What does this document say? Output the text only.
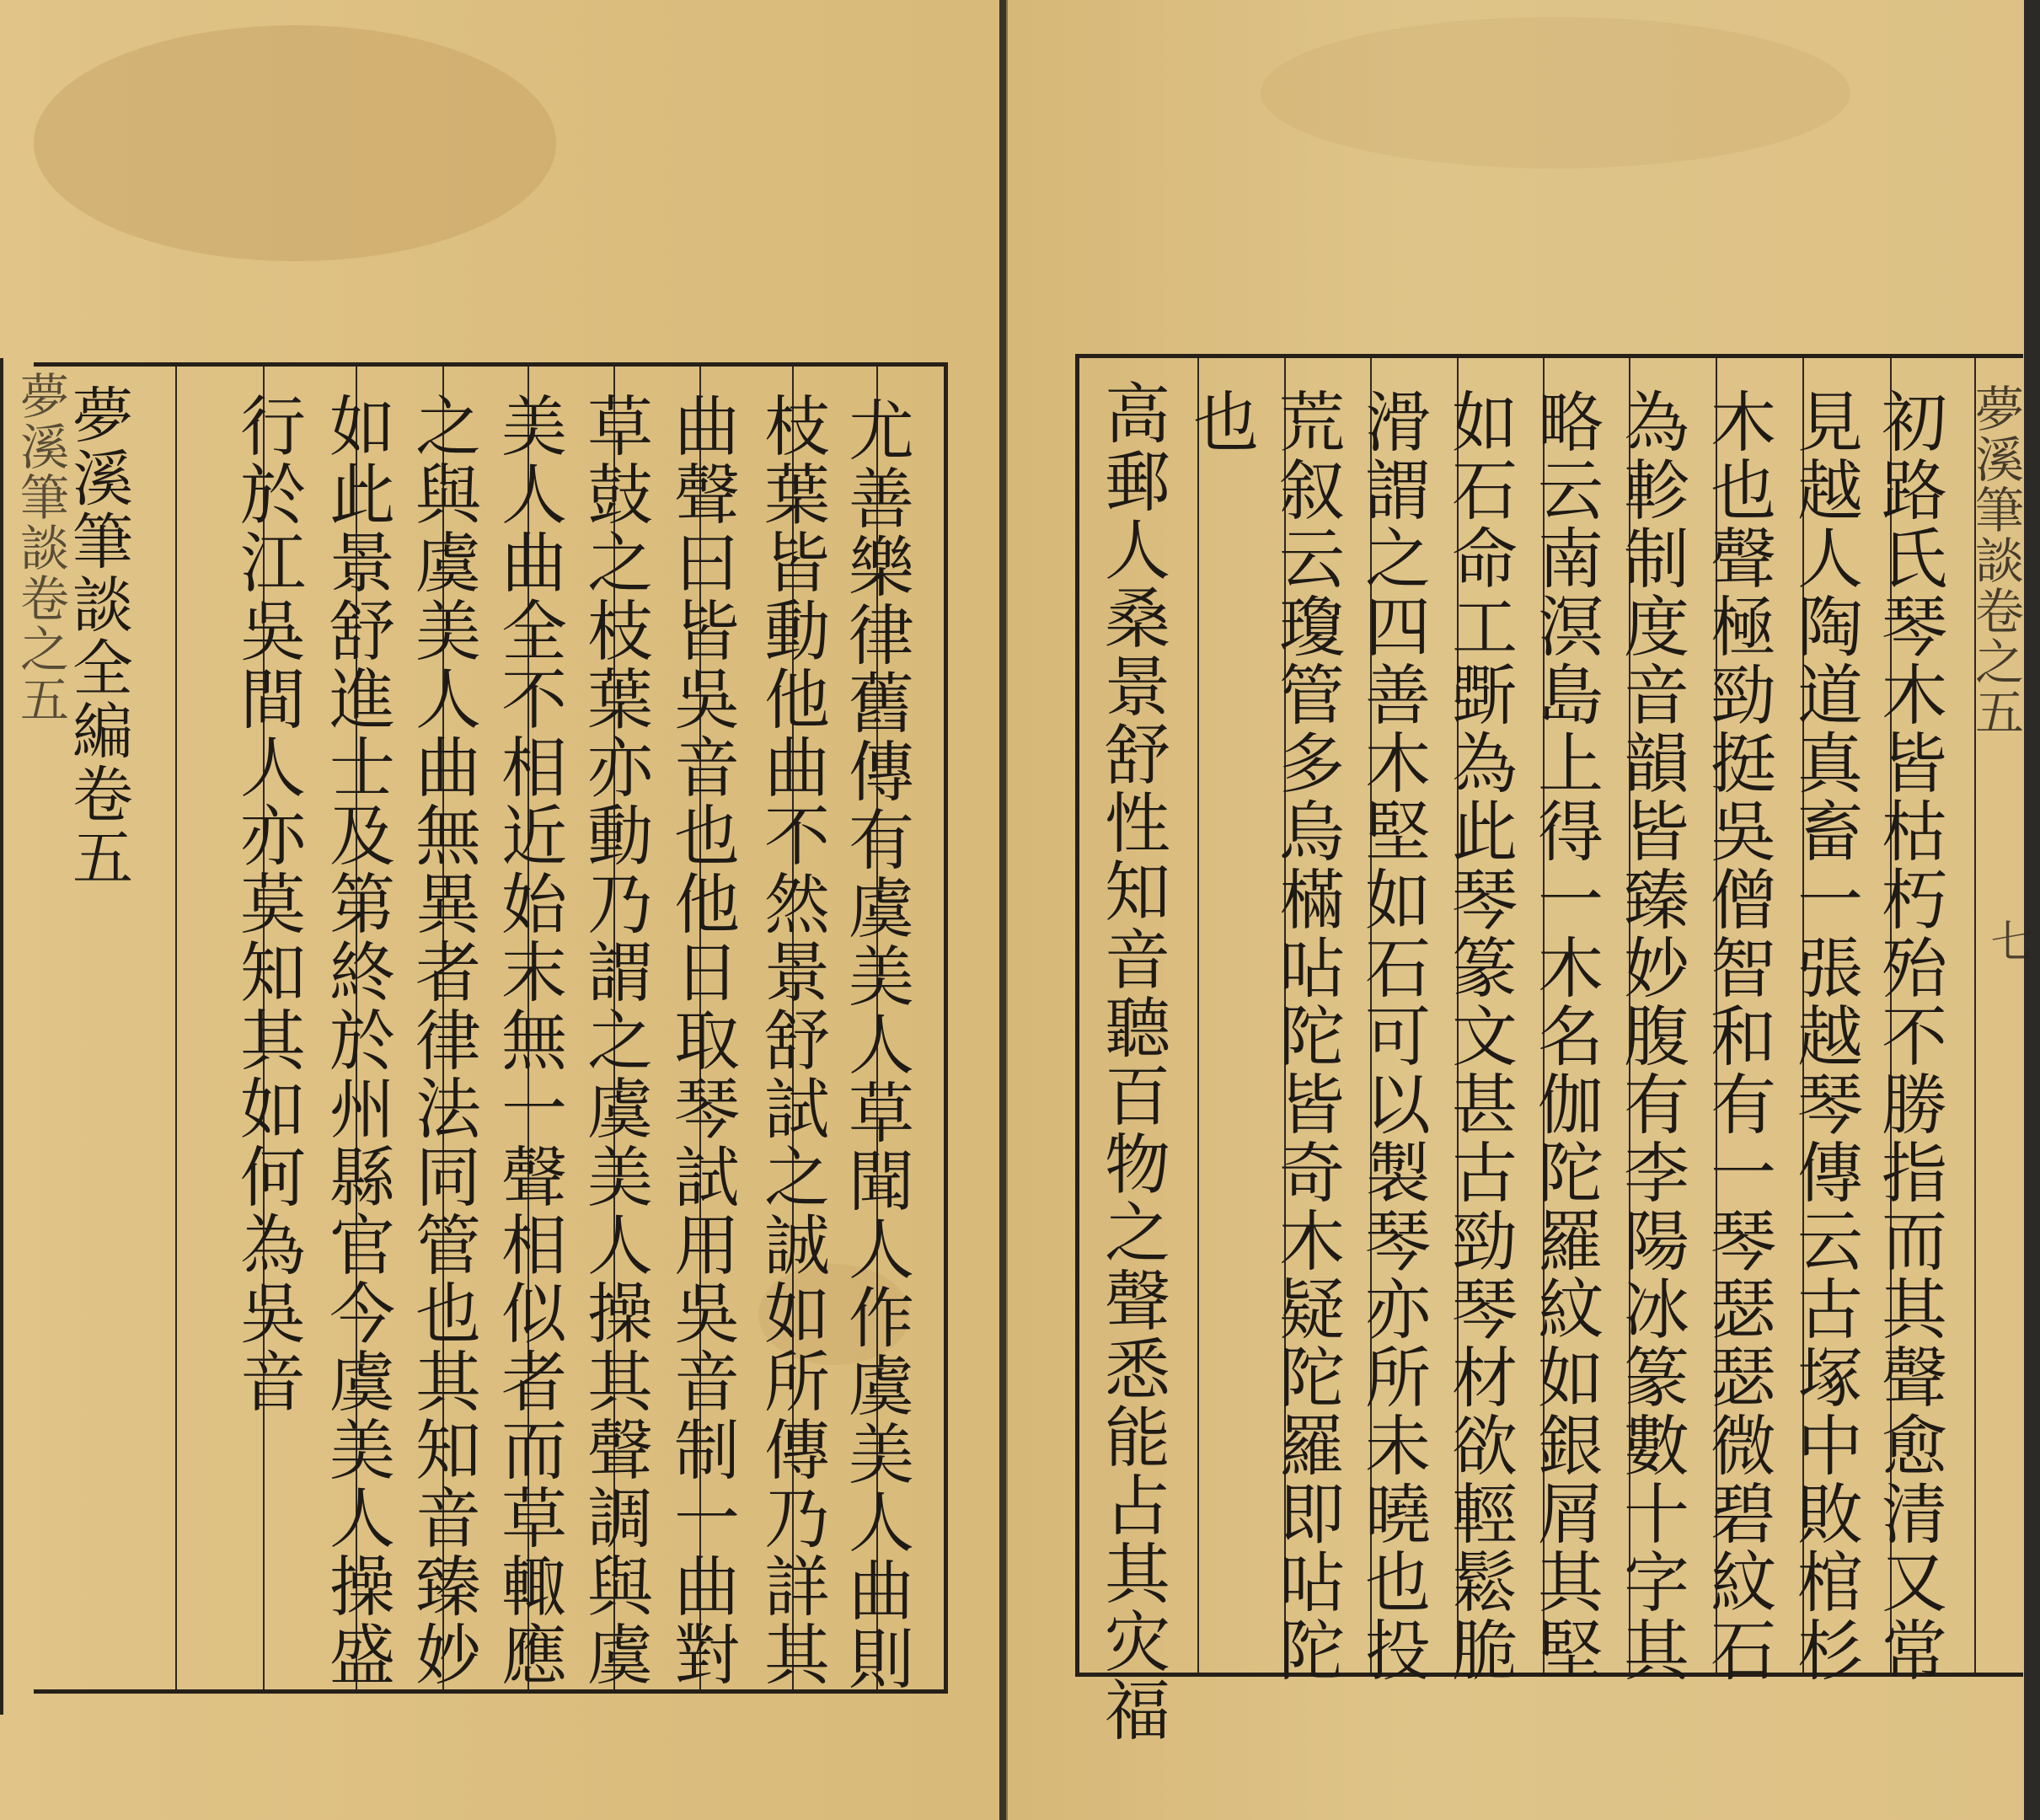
夢溪筆談卷之五	尤善樂律舊傳有虞美人草聞人作虞美人曲則
枝葉皆動他曲不然景舒試之誠如所傳乃詳其
曲聲曰皆吳音也他日取琴試用吳音制一曲對
草鼓之枝葉亦動乃謂之虞美人操其聲調與虞
美人曲全不相近始末無一聲相似者而草輙應
之與虞美人曲無異者律法同管也其知音臻妙
如此景舒進士及第終於州縣官今虞美人操盛
行於江吳間人亦莫知其如何為吳音
夢溪筆談全編卷五	夢溪筆談卷之五
七
初路氏琴木皆枯朽殆不勝指而其聲愈清又常
見越人陶道真畜一張越琴傳云古塚中敗棺杉
木也聲極勁挺吳僧智和有一琴瑟瑟微碧紋石
為軫制度音韻皆臻妙腹有李陽冰篆數十字其
略云南溟島上得一木名伽陀羅紋如銀屑其堅
如石命工斲為此琴篆文甚古勁琴材欲輕鬆脆
滑謂之四善木堅如石可以製琴亦所未曉也投
荒叙云瓊管多烏樠呫陀皆奇木疑陀羅即呫陀
也
高郵人桑景舒性知音聽百物之聲悉能占其灾福
